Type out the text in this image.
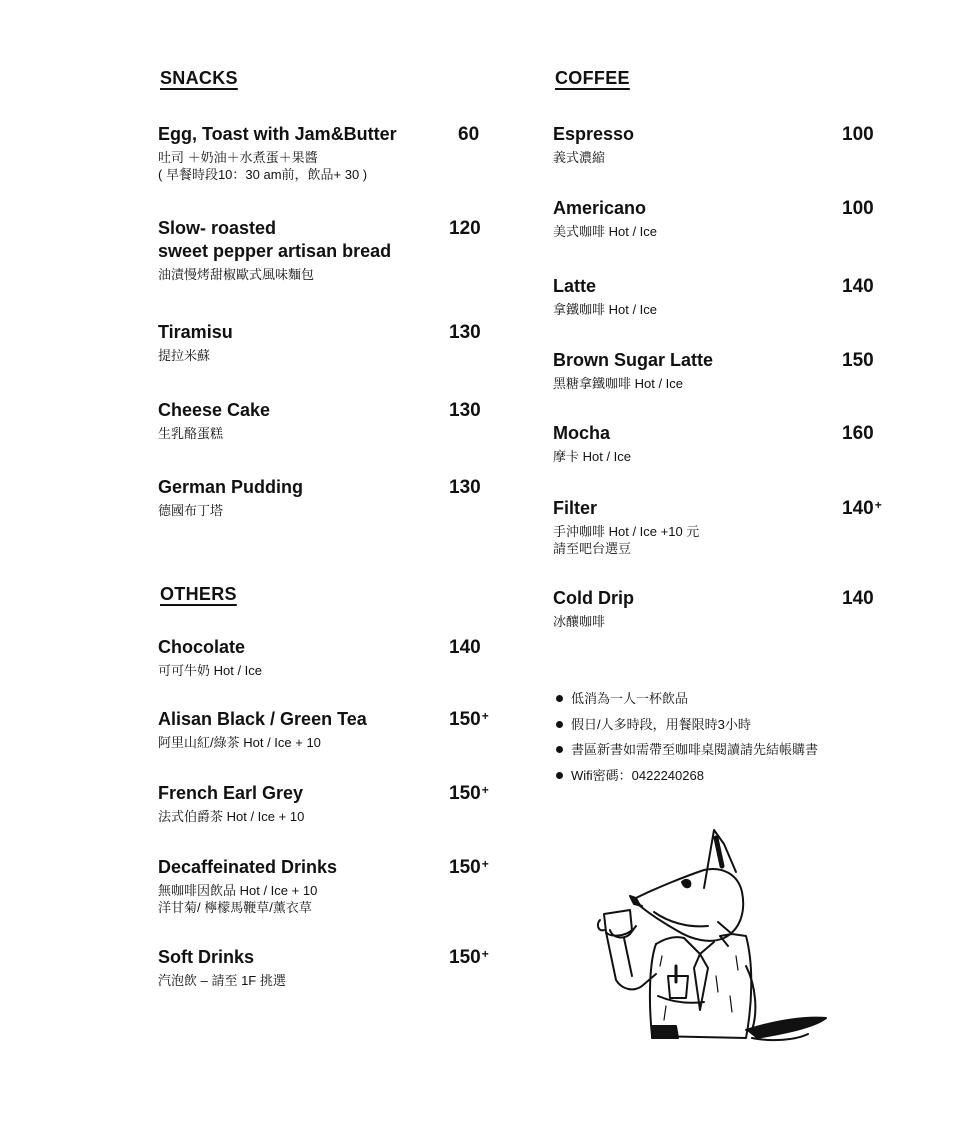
SNACKS
Egg, Toast with Jam&Butter
吐司 ＋奶油＋水煮蛋＋果醬
( 早餐時段10：30 am前，飲品+ 30 )
60
Slow- roasted
sweet pepper artisan bread
油漬慢烤甜椒歐式風味麵包
120
Tiramisu
提拉米蘇
130
Cheese Cake
生乳酪蛋糕
130
German Pudding
德國布丁塔
130
OTHERS
Chocolate
可可牛奶 Hot / Ice
140
Alisan Black / Green Tea
阿里山紅/綠茶 Hot / Ice + 10
150+
French Earl Grey
法式伯爵茶 Hot / Ice + 10
150+
Decaffeinated Drinks
無咖啡因飲品 Hot / Ice + 10
洋甘菊/ 檸檬馬鞭草/薰衣草
150+
Soft Drinks
汽泡飲 – 請至 1F 挑選
150+
COFFEE
Espresso
義式濃縮
100
Americano
美式咖啡 Hot / Ice
100
Latte
拿鐵咖啡 Hot / Ice
140
Brown Sugar Latte
黑糖拿鐵咖啡 Hot / Ice
150
Mocha
摩卡 Hot / Ice
160
Filter
手沖咖啡 Hot / Ice +10 元
請至吧台選豆
140+
Cold Drip
冰釀咖啡
140
低消為一人一杯飲品
假日/人多時段，用餐限時3小時
書區新書如需帶至咖啡桌閱讀請先結帳購書
Wifi密碼：0422240268
